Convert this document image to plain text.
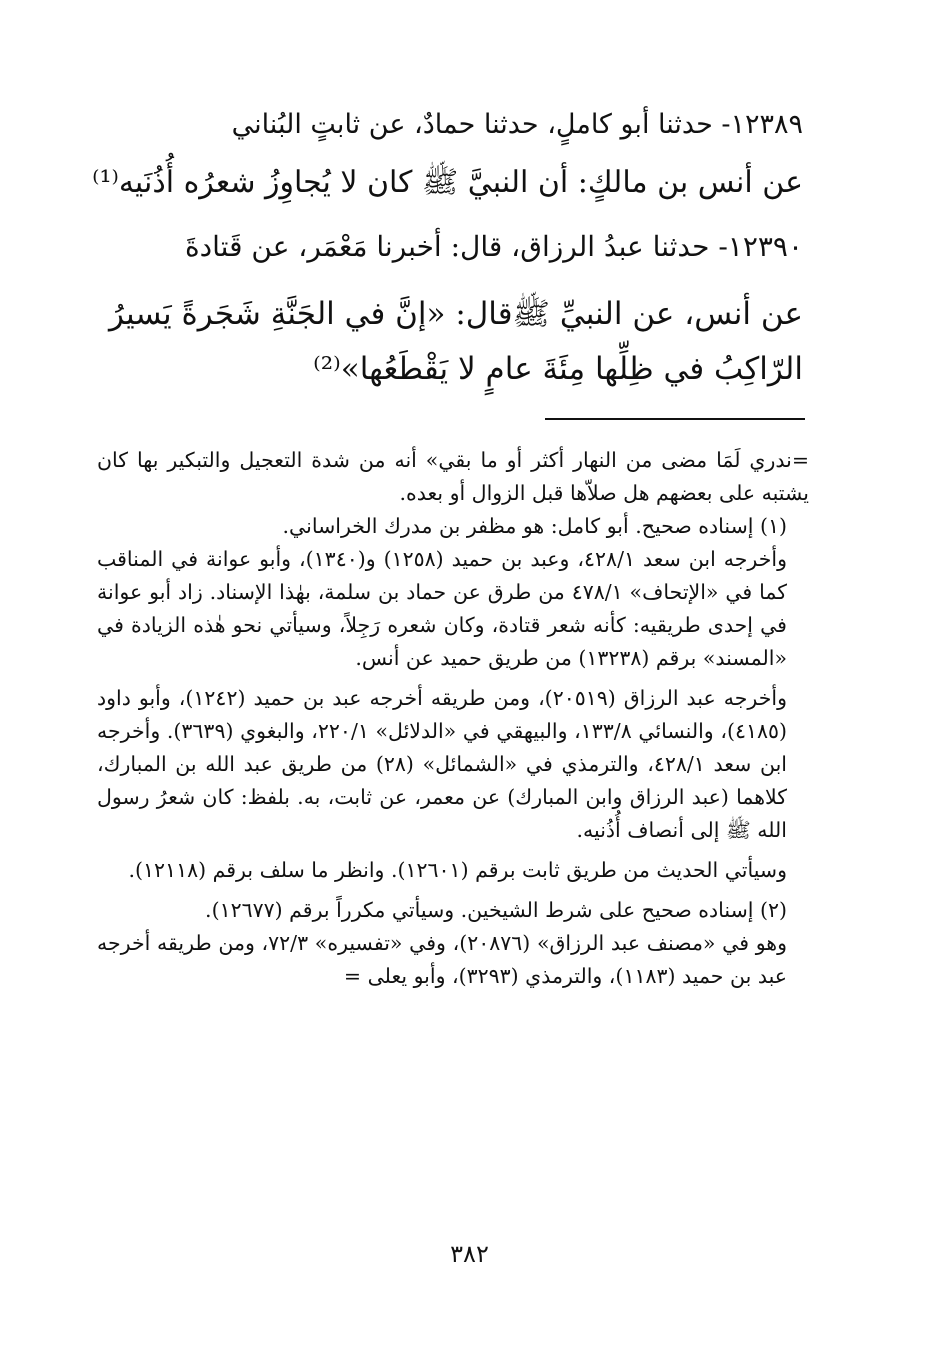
١٢٣٨٩- حدثنا أبو كاملٍ، حدثنا حمادٌ، عن ثابتٍ البُناني
عن أنس بن مالكٍ: أن النبيَّ ﷺ كان لا يُجاوِزُ شعرُه أُذُنَيه⁽¹⁾
١٢٣٩٠- حدثنا عبدُ الرزاق، قال: أخبرنا مَعْمَر، عن قَتادةَ
عن أنس، عن النبيِّ ﷺقال: «إنَّ في الجَنَّةِ شَجَرةً يَسيرُ
الرّاكِبُ في ظِلِّها مِئَةَ عامٍ لا يَقْطَعُها»⁽²⁾

=ندري لَمَا مضى من النهار أكثر أو ما بقي» أنه من شدة التعجيل والتبكير بها كان يشتبه على بعضهم هل صلاّها قبل الزوال أو بعده.

(١) إسناده صحيح. أبو كامل: هو مظفر بن مدرك الخراساني.

وأخرجه ابن سعد ٤٢٨/١، وعبد بن حميد (١٢٥٨) و(١٣٤٠)، وأبو عوانة في المناقب كما في «الإتحاف» ٤٧٨/١ من طرق عن حماد بن سلمة، بهٰذا الإسناد. زاد أبو عوانة في إحدى طريقيه: كأنه شعر قتادة، وكان شعره رَجِلاً، وسيأتي نحو هٰذه الزيادة في «المسند» برقم (١٣٢٣٨) من طريق حميد عن أنس.

وأخرجه عبد الرزاق (٢٠٥١٩)، ومن طريقه أخرجه عبد بن حميد (١٢٤٢)، وأبو داود (٤١٨٥)، والنسائي ١٣٣/٨، والبيهقي في «الدلائل» ٢٢٠/١، والبغوي (٣٦٣٩). وأخرجه ابن سعد ٤٢٨/١، والترمذي في «الشمائل» (٢٨) من طريق عبد الله بن المبارك، كلاهما (عبد الرزاق وابن المبارك) عن معمر، عن ثابت، به. بلفظ: كان شعرُ رسول الله ﷺ إلى أنصاف أُذُنيه.

وسيأتي الحديث من طريق ثابت برقم (١٢٦٠١). وانظر ما سلف برقم (١٢١١٨).

(٢) إسناده صحيح على شرط الشيخين. وسيأتي مكرراً برقم (١٢٦٧٧).

وهو في «مصنف عبد الرزاق» (٢٠٨٧٦)، وفي «تفسيره» ٧٢/٣، ومن طريقه أخرجه عبد بن حميد (١١٨٣)، والترمذي (٣٢٩٣)، وأبو يعلى =

٣٨٢
